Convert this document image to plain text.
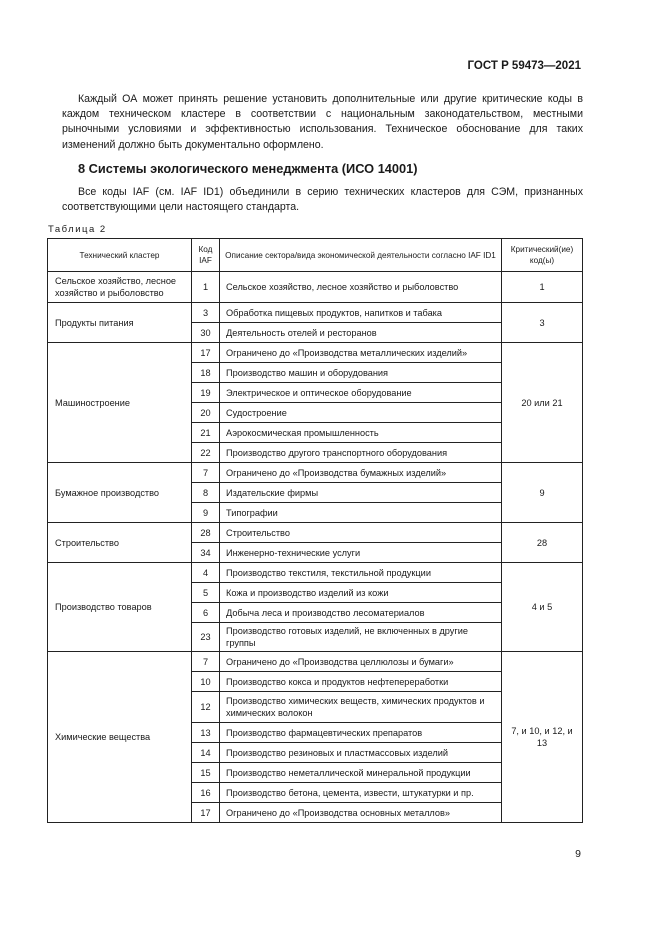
ГОСТ Р 59473—2021

Каждый ОА может принять решение установить дополнительные или другие критические коды в каждом техническом кластере в соответствии с национальным законодательством, местными рыночными условиями и эффективностью использования. Техническое обоснование для таких изменений должно быть документально оформлено.

8 Системы экологического менеджмента (ИСО 14001)

Все коды IAF (см. IAF ID1) объединили в серию технических кластеров для СЭМ, признанных соответствующими цели настоящего стандарта.

Таблица 2
Технический кластер	Код IAF	Описание сектора/вида экономической деятельности согласно IAF ID1	Критический(ие) код(ы)
Сельское хозяйство, лесное хозяйство и рыболовство	1	Сельское хозяйство, лесное хозяйство и рыболовство	1
Продукты питания	3	Обработка пищевых продуктов, напитков и табака	3
	30	Деятельность отелей и ресторанов	
Машиностроение	17	Ограничено до «Производства металлических изделий»	20 или 21
	18	Производство машин и оборудования	
	19	Электрическое и оптическое оборудование	
	20	Судостроение	
	21	Аэрокосмическая промышленность	
	22	Производство другого транспортного оборудования	
Бумажное производство	7	Ограничено до «Производства бумажных изделий»	9
	8	Издательские фирмы	
	9	Типографии	
Строительство	28	Строительство	28
	34	Инженерно-технические услуги	
Производство товаров	4	Производство текстиля, текстильной продукции	4 и 5
	5	Кожа и производство изделий из кожи	
	6	Добыча леса и производство лесоматериалов	
	23	Производство готовых изделий, не включенных в другие группы	
Химические вещества	7	Ограничено до «Производства целлюлозы и бумаги»	7, и 10, и 12, и 13
	10	Производство кокса и продуктов нефтепереработки	
	12	Производство химических веществ, химических продуктов и химических волокон	
	13	Производство фармацевтических препаратов	
	14	Производство резиновых и пластмассовых изделий	
	15	Производство неметаллической минеральной продукции	
	16	Производство бетона, цемента, извести, штукатурки и пр.	
	17	Ограничено до «Производства основных металлов»	
9
